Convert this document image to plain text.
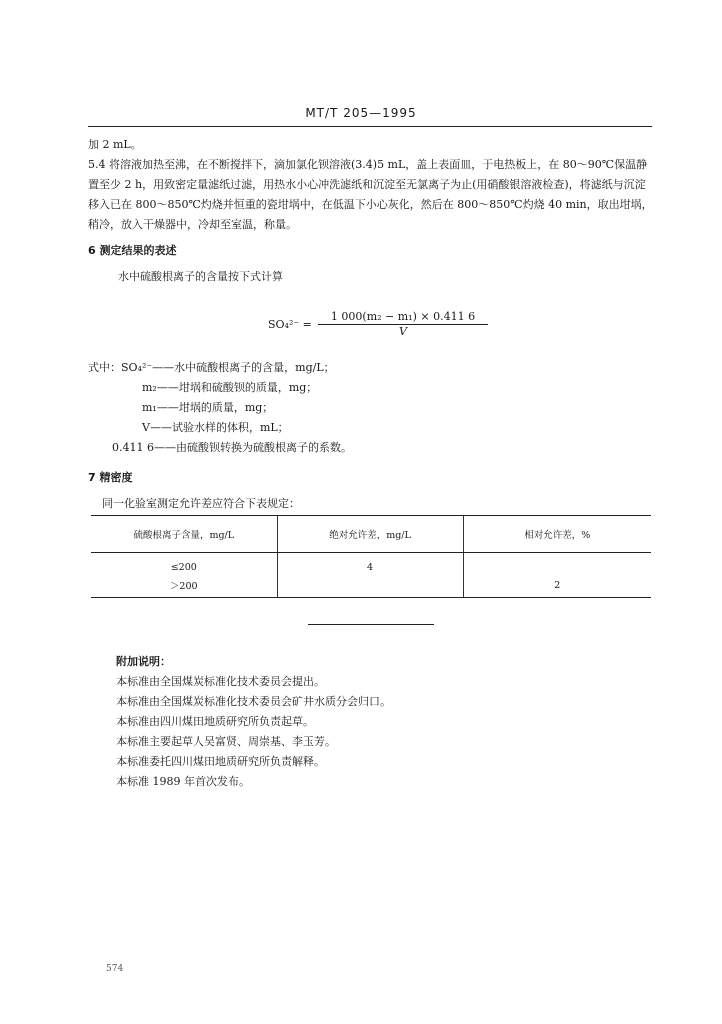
MT/T 205—1995

加 2 mL。

5.4 将溶液加热至沸，在不断搅拌下，滴加氯化钡溶液(3.4)5 mL，盖上表面皿，于电热板上，在 80～90℃保温静置至少 2 h，用致密定量滤纸过滤，用热水小心冲洗滤纸和沉淀至无氯离子为止(用硝酸银溶液检查)，将滤纸与沉淀移入已在 800～850℃灼烧并恒重的瓷坩埚中，在低温下小心灰化，然后在 800～850℃灼烧 40 min，取出坩埚，稍冷，放入干燥器中，冷却至室温，称量。

6 测定结果的表述

水中硫酸根离子的含量按下式计算

$SO_4^{2-} = \frac{\text{1 000(m₂ − m₁) × 0.411 6}}{V}$
式中：SO₄²⁻——水中硫酸根离子的含量，mg/L；
m₂——坩埚和硫酸钡的质量，mg；
m₁——坩埚的质量，mg；
V——试验水样的体积，mL；
0.411 6——由硫酸钡转换为硫酸根离子的系数。
7 精密度
同一化验室测定允许差应符合下表规定：
硫酸根离子含量，mg/L	绝对允许差，mg/L	相对允许差，%
≤200	4	
＞200		2
附加说明：
本标准由全国煤炭标准化技术委员会提出。
本标准由全国煤炭标准化技术委员会矿井水质分会归口。
本标准由四川煤田地质研究所负责起草。
本标准主要起草人吴富贤、周崇基、李玉芳。
本标准委托四川煤田地质研究所负责解释。
本标准 1989 年首次发布。
574
